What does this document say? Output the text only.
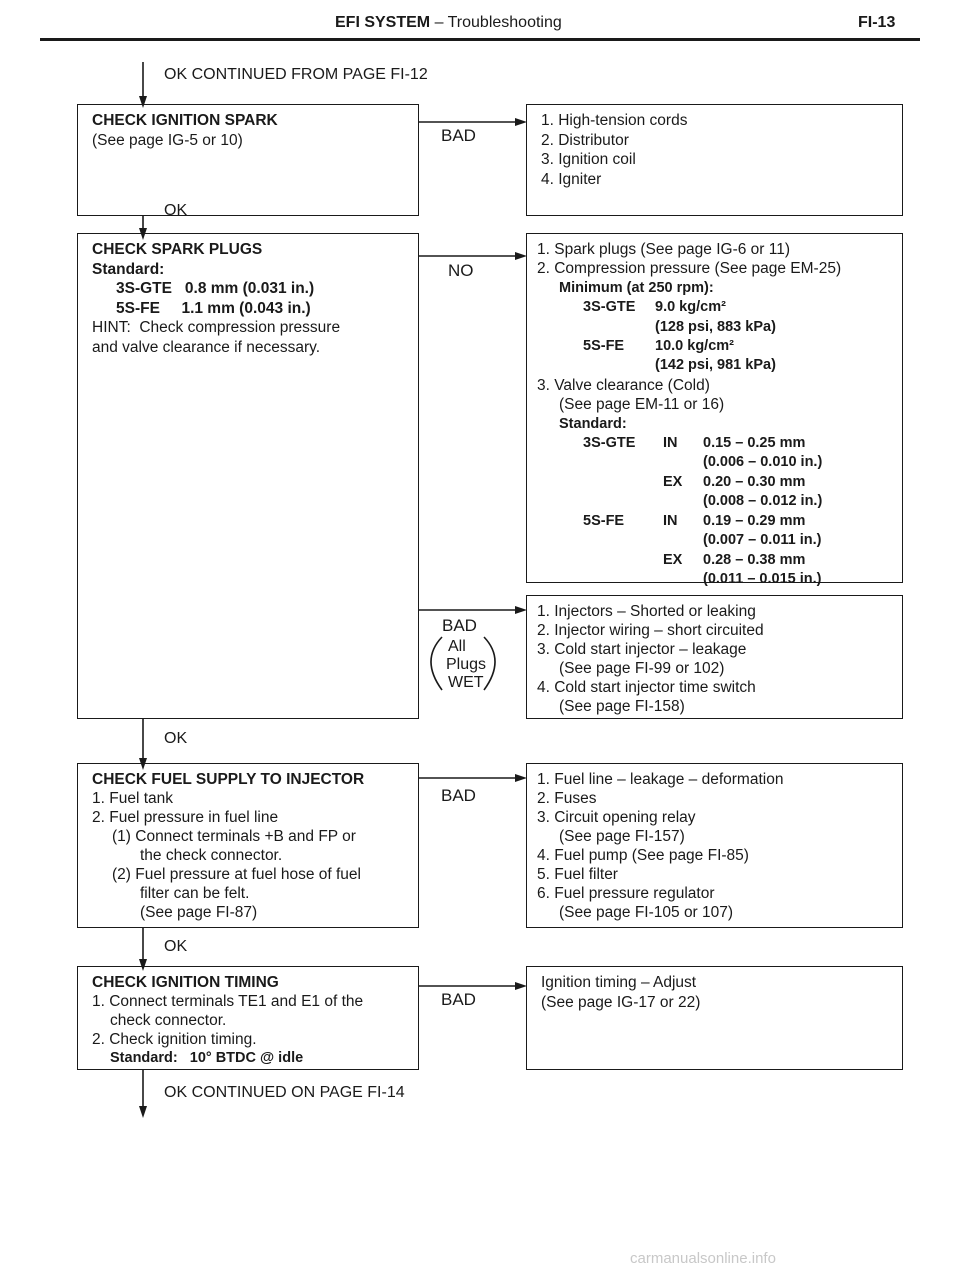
EFI SYSTEM – Troubleshooting	FI-13
OK CONTINUED FROM PAGE FI-12
OK
OK
OK
OK CONTINUED ON PAGE FI-14
CHECK IGNITION SPARK
(See page IG-5 or 10)	BAD
1. High-tension cords
2. Distributor
3. Ignition coil
4. Igniter
CHECK SPARK PLUGS
Standard:
3S-GTE   0.8 mm (0.031 in.)
5S-FE     1.1 mm (0.043 in.)
HINT:  Check compression pressure
and valve clearance if necessary.
NO
1. Spark plugs (See page IG-6 or 11)
2. Compression pressure (See page EM-25)
Minimum (at 250 rpm):
3S-GTE 9.0 kg/cm²
(128 psi, 883 kPa)
5S-FE 10.0 kg/cm²
(142 psi, 981 kPa)
3. Valve clearance (Cold)
(See page EM-11 or 16)
Standard:
3S-GTE IN 0.15 – 0.25 mm
(0.006 – 0.010 in.)
EX 0.20 – 0.30 mm
(0.008 – 0.012 in.)
5S-FE	IN 0.19 – 0.29 mm
(0.007 – 0.011 in.)
EX 0.28 – 0.38 mm
(0.011 – 0.015 in.)
BAD
All
Plugs
WET
1. Injectors – Shorted or leaking
2. Injector wiring – short circuited
3. Cold start injector – leakage
(See page FI-99 or 102)
4. Cold start injector time switch
(See page FI-158)
CHECK FUEL SUPPLY TO INJECTOR
1. Fuel tank
2. Fuel pressure in fuel line
(1) Connect terminals +B and FP or
the check connector.
(2) Fuel pressure at fuel hose of fuel
filter can be felt.
(See page FI-87)
BAD
1. Fuel line – leakage – deformation
2. Fuses
3. Circuit opening relay
(See page FI-157)
4. Fuel pump (See page FI-85)
5. Fuel filter
6. Fuel pressure regulator
(See page FI-105 or 107)
CHECK IGNITION TIMING
1. Connect terminals TE1 and E1 of the
check connector.
2. Check ignition timing.
Standard:   10° BTDC @ idle
BAD
Ignition timing – Adjust
(See page IG-17 or 22)
carmanualsonline.info
